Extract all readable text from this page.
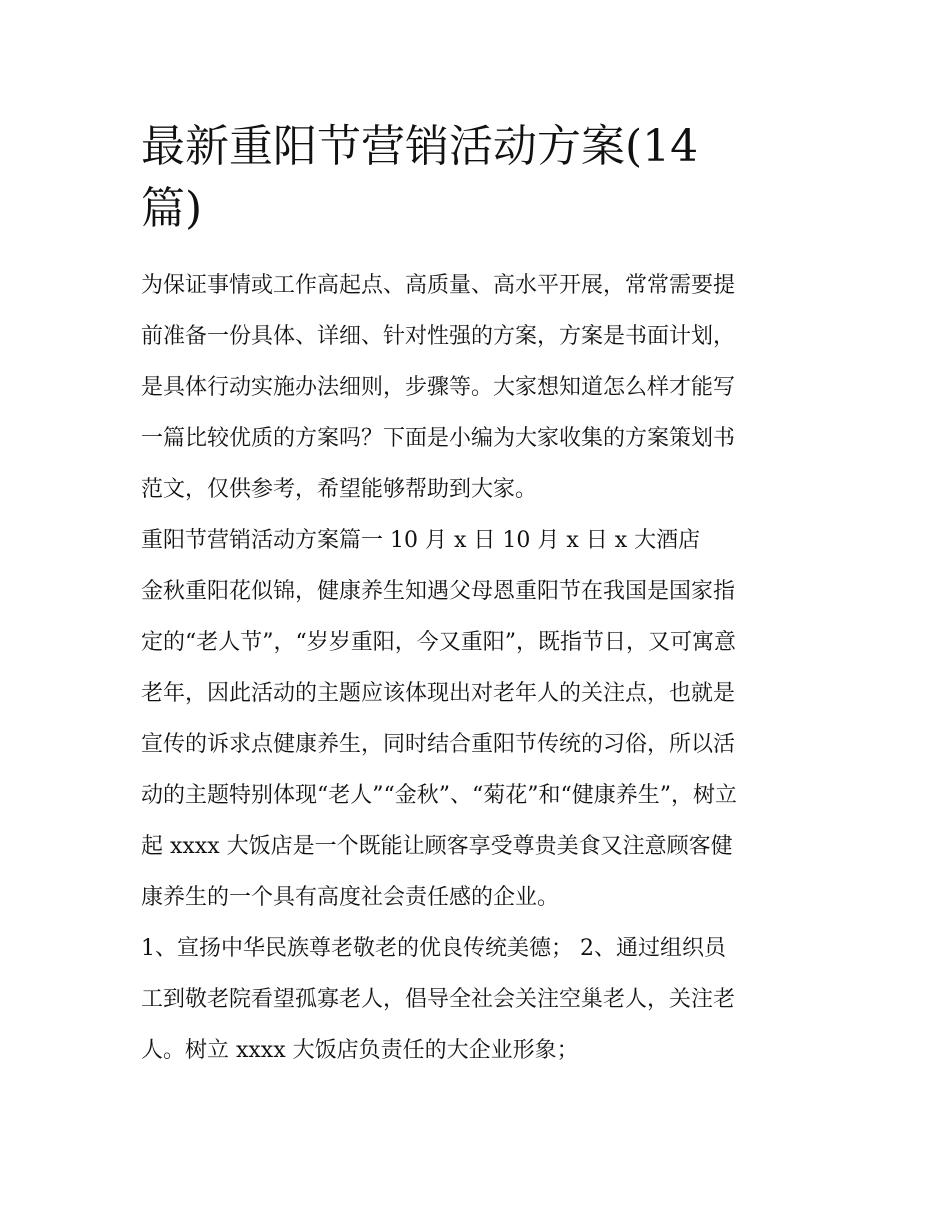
最新重阳节营销活动方案(14
篇)
为保证事情或工作高起点、高质量、高水平开展，常常需要提
前准备一份具体、详细、针对性强的方案，方案是书面计划，
是具体行动实施办法细则，步骤等。大家想知道怎么样才能写
一篇比较优质的方案吗？下面是小编为大家收集的方案策划书
范文，仅供参考，希望能够帮助到大家。
重阳节营销活动方案篇一 10 月 x 日 10 月 x 日 x 大酒店
金秋重阳花似锦，健康养生知遇父母恩重阳节在我国是国家指
定的“老人节”，“岁岁重阳，今又重阳”，既指节日，又可寓意
老年，因此活动的主题应该体现出对老年人的关注点，也就是
宣传的诉求点健康养生，同时结合重阳节传统的习俗，所以活
动的主题特别体现“老人”“金秋”、“菊花”和“健康养生”，树立
起 xxxx 大饭店是一个既能让顾客享受尊贵美食又注意顾客健
康养生的一个具有高度社会责任感的企业。
1、宣扬中华民族尊老敬老的优良传统美德； 2、通过组织员
工到敬老院看望孤寡老人，倡导全社会关注空巢老人，关注老
人。树立 xxxx 大饭店负责任的大企业形象；
